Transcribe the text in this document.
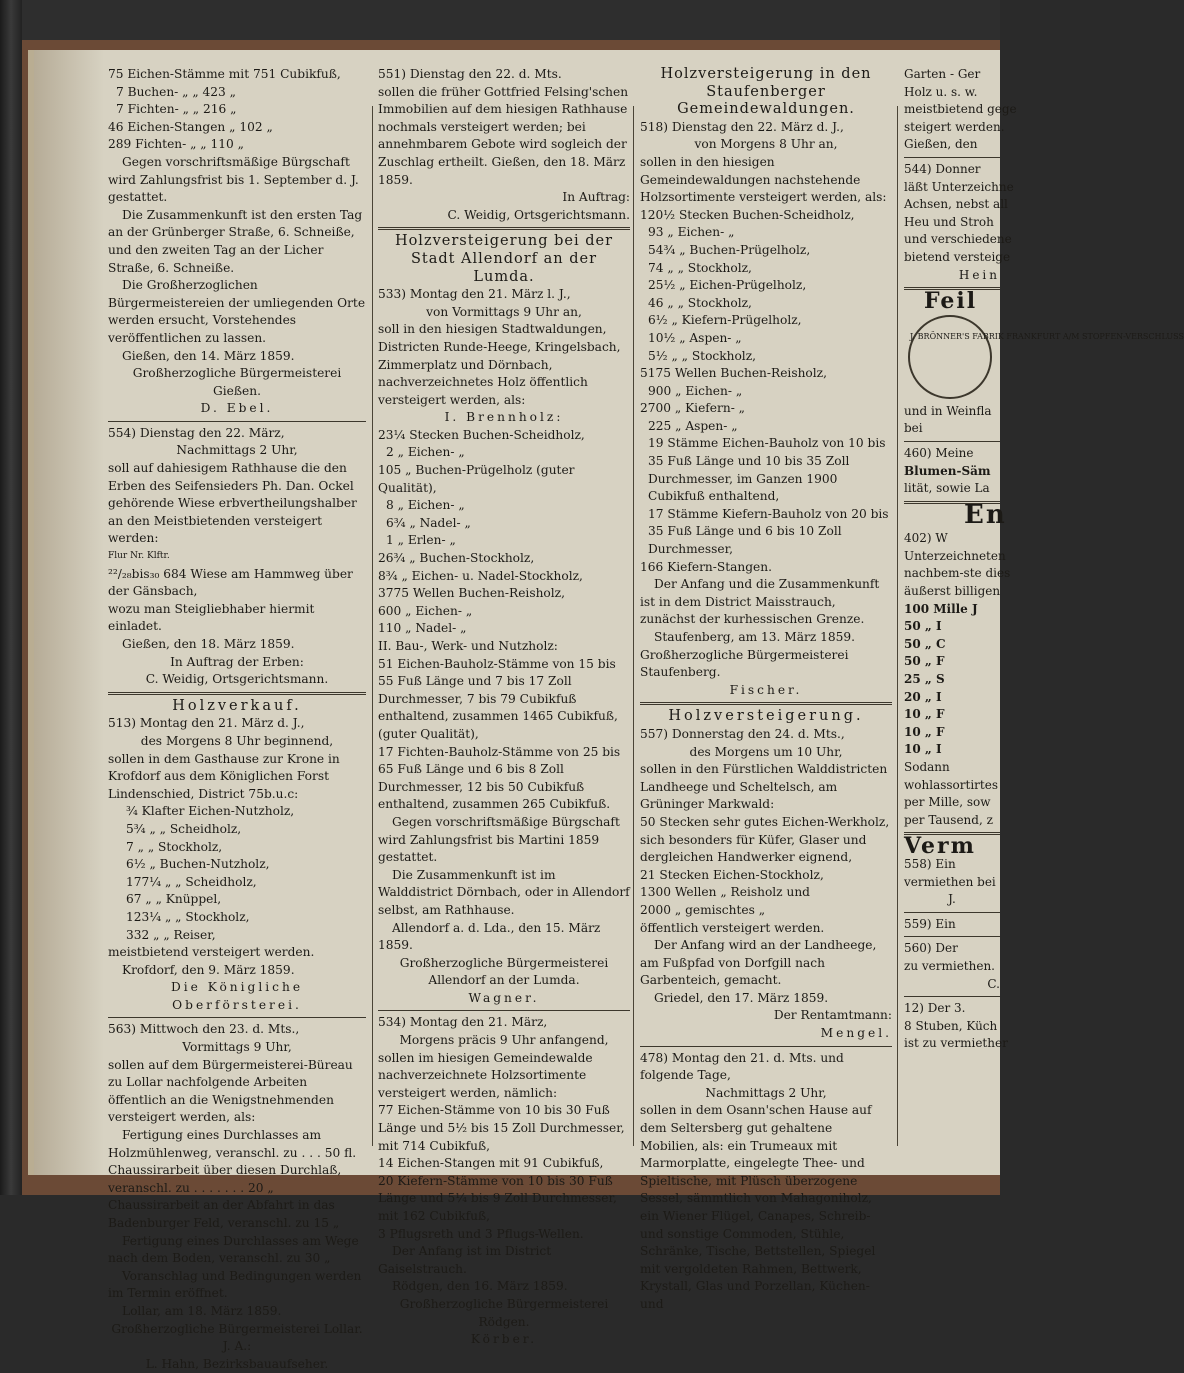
75 Eichen-Stämme mit 751 Cubikfuß,

7 Buchen- „ „ 423 „

7 Fichten- „ „ 216 „

46 Eichen-Stangen „ 102 „

289 Fichten- „ „ 110 „

Gegen vorschriftsmäßige Bürgschaft wird Zahlungsfrist bis 1. September d. J. gestattet.

Die Zusammenkunft ist den ersten Tag an der Grünberger Straße, 6. Schneiße, und den zweiten Tag an der Licher Straße, 6. Schneiße.

Die Großherzoglichen Bürgermeistereien der umliegenden Orte werden ersucht, Vorstehendes veröffentlichen zu lassen.

Gießen, den 14. März 1859.

Großherzogliche Bürgermeisterei Gießen.

D. Ebel.

554) Dienstag den 22. März,

Nachmittags 2 Uhr,

soll auf dahiesigem Rathhause die den Erben des Seifensieders Ph. Dan. Ockel gehörende Wiese erbvertheilungshalber an den Meistbietenden versteigert werden:

Flur Nr. Klftr.

²²/₂₈bis₃₀ 684 Wiese am Hammweg über der Gänsbach,

wozu man Steigliebhaber hiermit einladet.

Gießen, den 18. März 1859.

In Auftrag der Erben:

C. Weidig, Ortsgerichtsmann.

Holzverkauf.

513) Montag den 21. März d. J.,

des Morgens 8 Uhr beginnend,

sollen in dem Gasthause zur Krone in Krofdorf aus dem Königlichen Forst Lindenschied, District 75b.u.c:

¾ Klafter Eichen-Nutzholz,

5¾ „ „ Scheidholz,

7 „ „ Stockholz,

6½ „ Buchen-Nutzholz,

177¼ „ „ Scheidholz,

67 „ „ Knüppel,

123¼ „ „ Stockholz,

332 „ „ Reiser,

meistbietend versteigert werden.

Krofdorf, den 9. März 1859.

Die Königliche Oberförsterei.

563) Mittwoch den 23. d. Mts.,

Vormittags 9 Uhr,

sollen auf dem Bürgermeisterei-Büreau zu Lollar nachfolgende Arbeiten öffentlich an die Wenigstnehmenden versteigert werden, als:

Fertigung eines Durchlasses am Holzmühlenweg, veranschl. zu . . . 50 fl.

Chaussirarbeit über diesen Durchlaß, veranschl. zu . . . . . . . 20 „

Chaussirarbeit an der Abfahrt in das Badenburger Feld, veranschl. zu 15 „

Fertigung eines Durchlasses am Wege nach dem Boden, veranschl. zu 30 „

Voranschlag und Bedingungen werden im Termin eröffnet.

Lollar, am 18. März 1859.

Großherzogliche Bürgermeisterei Lollar.

J. A.:

L. Hahn, Bezirksbauaufseher.

551) Dienstag den 22. d. Mts.

sollen die früher Gottfried Felsing'schen Immobilien auf dem hiesigen Rathhause nochmals versteigert werden; bei annehmbarem Gebote wird sogleich der Zuschlag ertheilt. Gießen, den 18. März 1859.

In Auftrag:

C. Weidig, Ortsgerichtsmann.

Holzversteigerung bei der Stadt Allendorf an der Lumda.

533) Montag den 21. März l. J.,

von Vormittags 9 Uhr an,

soll in den hiesigen Stadtwaldungen, Districten Runde-Heege, Kringelsbach, Zimmerplatz und Dörnbach, nachverzeichnetes Holz öffentlich versteigert werden, als:

I. Brennholz:

23¼ Stecken Buchen-Scheidholz,

2 „ Eichen- „

105 „ Buchen-Prügelholz (guter Qualität),

8 „ Eichen- „

6¾ „ Nadel- „

1 „ Erlen- „

26¾ „ Buchen-Stockholz,

8¾ „ Eichen- u. Nadel-Stockholz,

3775 Wellen Buchen-Reisholz,

600 „ Eichen- „

110 „ Nadel- „

II. Bau-, Werk- und Nutzholz:

51 Eichen-Bauholz-Stämme von 15 bis 55 Fuß Länge und 7 bis 17 Zoll Durchmesser, 7 bis 79 Cubikfuß enthaltend, zusammen 1465 Cubikfuß, (guter Qualität),

17 Fichten-Bauholz-Stämme von 25 bis 65 Fuß Länge und 6 bis 8 Zoll Durchmesser, 12 bis 50 Cubikfuß enthaltend, zusammen 265 Cubikfuß.

Gegen vorschriftsmäßige Bürgschaft wird Zahlungsfrist bis Martini 1859 gestattet.

Die Zusammenkunft ist im Walddistrict Dörnbach, oder in Allendorf selbst, am Rathhause.

Allendorf a. d. Lda., den 15. März 1859.

Großherzogliche Bürgermeisterei Allendorf an der Lumda.

Wagner.

534) Montag den 21. März,

Morgens präcis 9 Uhr anfangend,

sollen im hiesigen Gemeindewalde nachverzeichnete Holzsortimente versteigert werden, nämlich:

77 Eichen-Stämme von 10 bis 30 Fuß Länge und 5½ bis 15 Zoll Durchmesser, mit 714 Cubikfuß,

14 Eichen-Stangen mit 91 Cubikfuß,

20 Kiefern-Stämme von 10 bis 30 Fuß Länge und 5¼ bis 9 Zoll Durchmesser, mit 162 Cubikfuß,

3 Pflugsreth und 3 Pflugs-Wellen.

Der Anfang ist im District Gaiselstrauch.

Rödgen, den 16. März 1859.

Großherzogliche Bürgermeisterei Rödgen.

Körber.

Holzversteigerung in den Staufenberger Gemeindewaldungen.

518) Dienstag den 22. März d. J.,

von Morgens 8 Uhr an,

sollen in den hiesigen Gemeindewaldungen nachstehende Holzsortimente versteigert werden, als:

120½ Stecken Buchen-Scheidholz,

93 „ Eichen- „

54¾ „ Buchen-Prügelholz,

74 „ „ Stockholz,

25½ „ Eichen-Prügelholz,

46 „ „ Stockholz,

6½ „ Kiefern-Prügelholz,

10½ „ Aspen- „

5½ „ „ Stockholz,

5175 Wellen Buchen-Reisholz,

900 „ Eichen- „

2700 „ Kiefern- „

225 „ Aspen- „

19 Stämme Eichen-Bauholz von 10 bis 35 Fuß Länge und 10 bis 35 Zoll Durchmesser, im Ganzen 1900 Cubikfuß enthaltend,

17 Stämme Kiefern-Bauholz von 20 bis 35 Fuß Länge und 6 bis 10 Zoll Durchmesser,

166 Kiefern-Stangen.

Der Anfang und die Zusammenkunft ist in dem District Maisstrauch, zunächst der kurhessischen Grenze.

Staufenberg, am 13. März 1859.

Großherzogliche Bürgermeisterei Staufenberg.

Fischer.

Holzversteigerung.

557) Donnerstag den 24. d. Mts.,

des Morgens um 10 Uhr,

sollen in den Fürstlichen Walddistricten Landheege und Scheltelsch, am Grüninger Markwald:

50 Stecken sehr gutes Eichen-Werkholz, sich besonders für Küfer, Glaser und dergleichen Handwerker eignend,

21 Stecken Eichen-Stockholz,

1300 Wellen „ Reisholz und

2000 „ gemischtes „

öffentlich versteigert werden.

Der Anfang wird an der Landheege, am Fußpfad von Dorfgill nach Garbenteich, gemacht.

Griedel, den 17. März 1859.

Der Rentamtmann:

Mengel.

478) Montag den 21. d. Mts. und folgende Tage,

Nachmittags 2 Uhr,

sollen in dem Osann'schen Hause auf dem Seltersberg gut gehaltene Mobilien, als: ein Trumeaux mit Marmorplatte, eingelegte Thee- und Spieltische, mit Plüsch überzogene Sessel, sämmtlich von Mahagoniholz, ein Wiener Flügel, Canapes, Schreib- und sonstige Commoden, Stühle, Schränke, Tische, Bettstellen, Spiegel mit vergoldeten Rahmen, Bettwerk, Krystall, Glas und Porzellan, Küchen- und

Garten - Ger

Holz u. s. w.

meistbietend gege

steigert werden.

Gießen, den

544) Donner

läßt Unterzeichne

Achsen, nebst all

Heu und Stroh

und verschiedene

bietend versteige

Hein

Feil

J. BRÖNNER'S FABRIK FRANKFURT A/M STOPFEN-VERSCHLUSS

und in Weinfla

bei

460) Meine

Blumen-Säm

lität, sowie La

En

402) W

Unterzeichneten

nachbem-ste dies

äußerst billigen

100 Mille J

50 „ I

50 „ C

50 „ F

25 „ S

20 „ I

10 „ F

10 „ F

10 „ I

Sodann

wohlassortirtes

per Mille, sow

per Tausend, z

Verm

558) Ein

vermiethen bei

J.

559) Ein

560) Der

zu vermiethen.

C.

12) Der 3.

8 Stuben, Küch

ist zu vermiether
